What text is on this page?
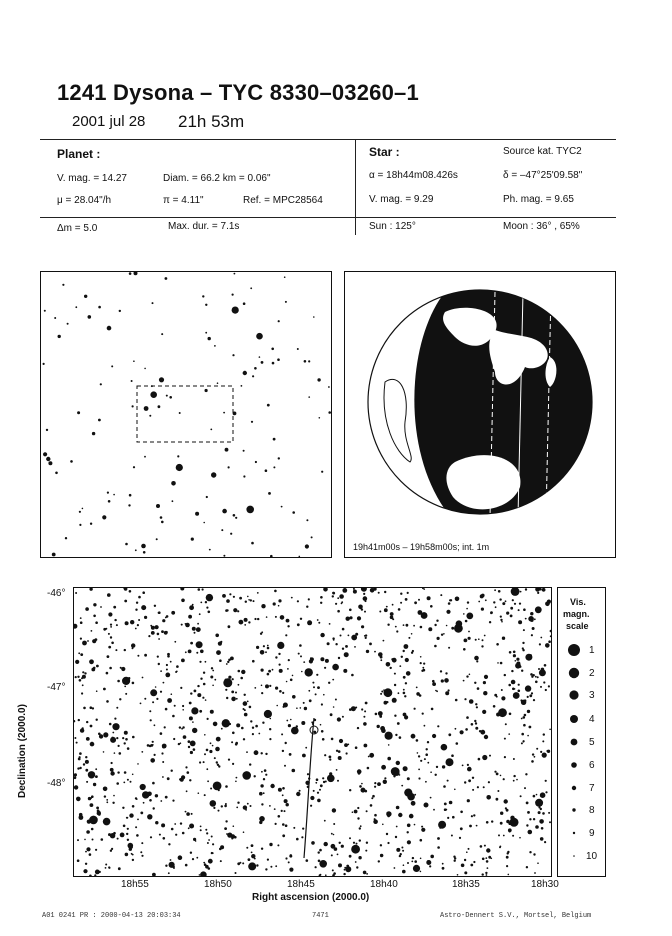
1241 Dysona – TYC 8330–03260–1
2001 jul 28 21h 53m
Planet :
V. mag. = 14.27	Diam. = 66.2 km = 0.06"
μ = 28.04"/h	π = 4.11"	Ref. = MPC28564
Δm = 5.0	Max. dur. = 7.1s
Star :	Source kat. TYC2
α = 18h44m08.426s	δ = –47°25'09.58"
V. mag. = 9.29	Ph. mag. = 9.65
Sun : 125°	Moon : 36° , 65%
19h41m00s – 19h58m00s; int. 1m
Declination (2000.0)
Right ascension (2000.0)
-46°
-47°
-48°
18h55	18h50	18h45	18h40	18h35	18h30
Vis.
magn.
scale
1
2
3
4
5
6
7
8
9
10
A01 0241 PR : 2000-04-13 20:03:34	7471	Astro-Dennert S.V., Mortsel, Belgium
